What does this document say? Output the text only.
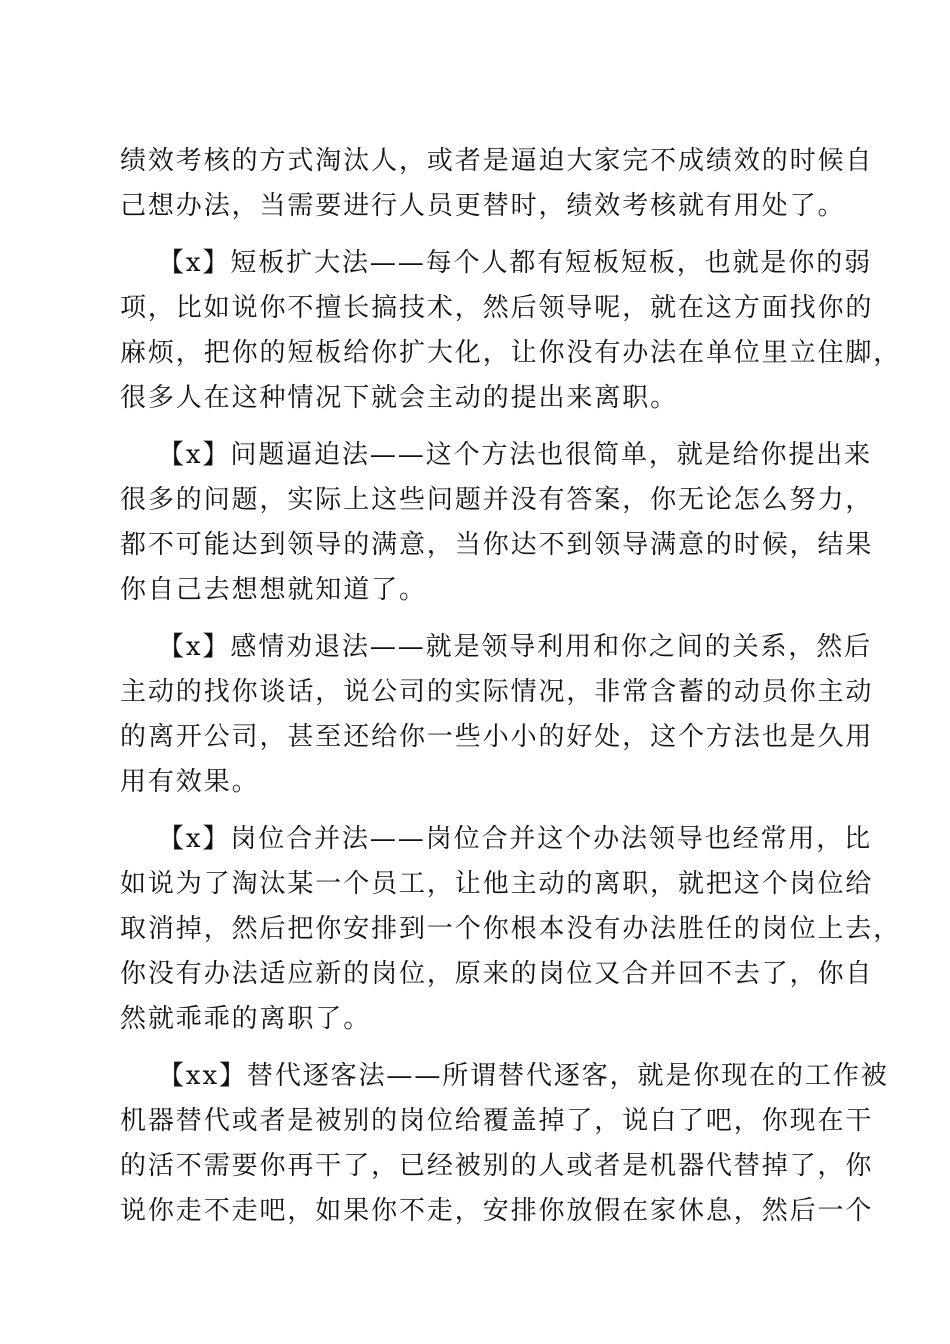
绩效考核的方式淘汰人，或者是逼迫大家完不成绩效的时候自
己想办法，当需要进行人员更替时，绩效考核就有用处了。

【x】短板扩大法——每个人都有短板短板，也就是你的弱
项，比如说你不擅长搞技术，然后领导呢，就在这方面找你的
麻烦，把你的短板给你扩大化，让你没有办法在单位里立住脚，
很多人在这种情况下就会主动的提出来离职。

【x】问题逼迫法——这个方法也很简单，就是给你提出来
很多的问题，实际上这些问题并没有答案，你无论怎么努力，
都不可能达到领导的满意，当你达不到领导满意的时候，结果
你自己去想想就知道了。

【x】感情劝退法——就是领导利用和你之间的关系，然后
主动的找你谈话，说公司的实际情况，非常含蓄的动员你主动
的离开公司，甚至还给你一些小小的好处，这个方法也是久用
用有效果。

【x】岗位合并法——岗位合并这个办法领导也经常用，比
如说为了淘汰某一个员工，让他主动的离职，就把这个岗位给
取消掉，然后把你安排到一个你根本没有办法胜任的岗位上去，
你没有办法适应新的岗位，原来的岗位又合并回不去了，你自
然就乖乖的离职了。

【xx】替代逐客法——所谓替代逐客，就是你现在的工作被
机器替代或者是被别的岗位给覆盖掉了，说白了吧，你现在干
的活不需要你再干了，已经被别的人或者是机器代替掉了，你
说你走不走吧，如果你不走，安排你放假在家休息，然后一个
